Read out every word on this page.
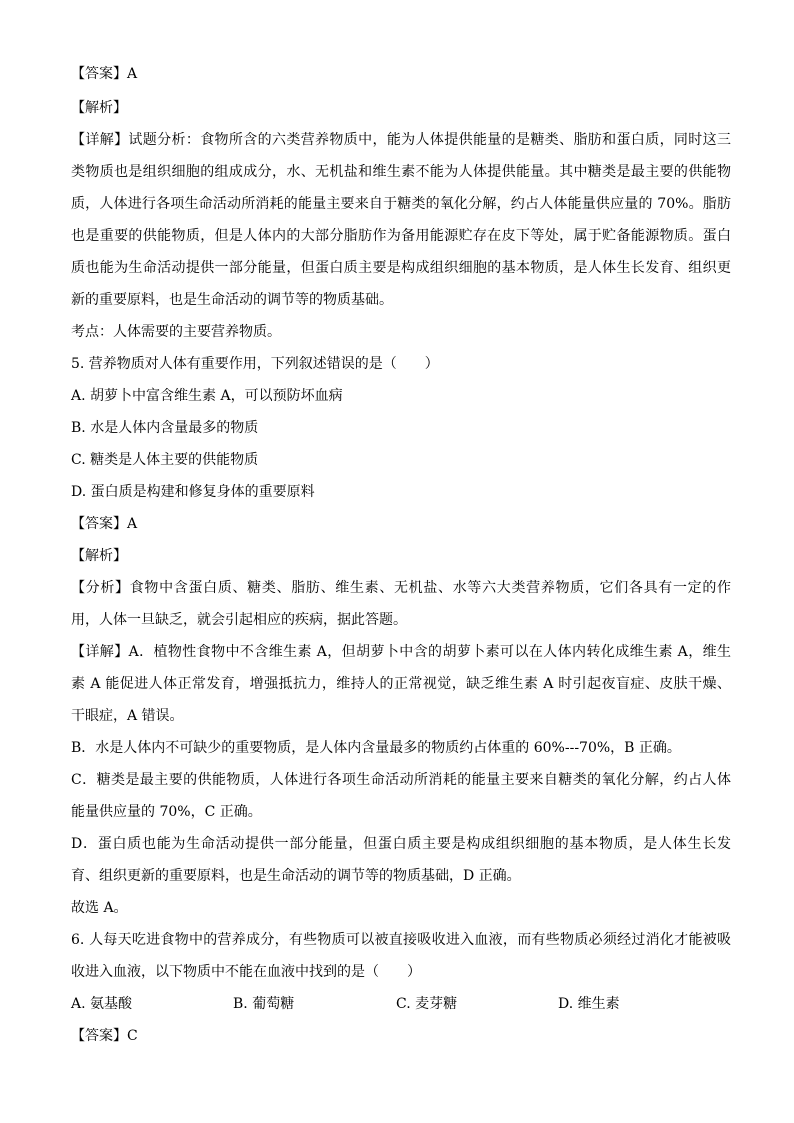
【答案】A
【解析】
【详解】试题分析：食物所含的六类营养物质中，能为人体提供能量的是糖类、脂肪和蛋白质，同时这三
类物质也是组织细胞的组成成分，水、无机盐和维生素不能为人体提供能量。其中糖类是最主要的供能物
质，人体进行各项生命活动所消耗的能量主要来自于糖类的氧化分解，约占人体能量供应量的 70%。脂肪
也是重要的供能物质，但是人体内的大部分脂肪作为备用能源贮存在皮下等处，属于贮备能源物质。蛋白
质也能为生命活动提供一部分能量，但蛋白质主要是构成组织细胞的基本物质，是人体生长发育、组织更
新的重要原料，也是生命活动的调节等的物质基础。
考点：人体需要的主要营养物质。
5. 营养物质对人体有重要作用，下列叙述错误的是（　　）
A. 胡萝卜中富含维生素 A，可以预防坏血病
B. 水是人体内含量最多的物质
C. 糖类是人体主要的供能物质
D. 蛋白质是构建和修复身体的重要原料
【答案】A
【解析】
【分析】食物中含蛋白质、糖类、脂肪、维生素、无机盐、水等六大类营养物质，它们各具有一定的作
用，人体一旦缺乏，就会引起相应的疾病，据此答题。
【详解】A．植物性食物中不含维生素 A，但胡萝卜中含的胡萝卜素可以在人体内转化成维生素 A，维生
素 A 能促进人体正常发育，增强抵抗力，维持人的正常视觉，缺乏维生素 A 时引起夜盲症、皮肤干燥、
干眼症，A 错误。
B．水是人体内不可缺少的重要物质，是人体内含量最多的物质约占体重的 60%---70%，B 正确。
C．糖类是最主要的供能物质，人体进行各项生命活动所消耗的能量主要来自糖类的氧化分解，约占人体
能量供应量的 70%，C 正确。
D．蛋白质也能为生命活动提供一部分能量，但蛋白质主要是构成组织细胞的基本物质，是人体生长发
育、组织更新的重要原料，也是生命活动的调节等的物质基础，D 正确。
故选 A。
6. 人每天吃进食物中的营养成分，有些物质可以被直接吸收进入血液，而有些物质必须经过消化才能被吸
收进入血液，以下物质中不能在血液中找到的是（　　）
A. 氨基酸	B. 葡萄糖	C. 麦芽糖	D. 维生素
【答案】C
